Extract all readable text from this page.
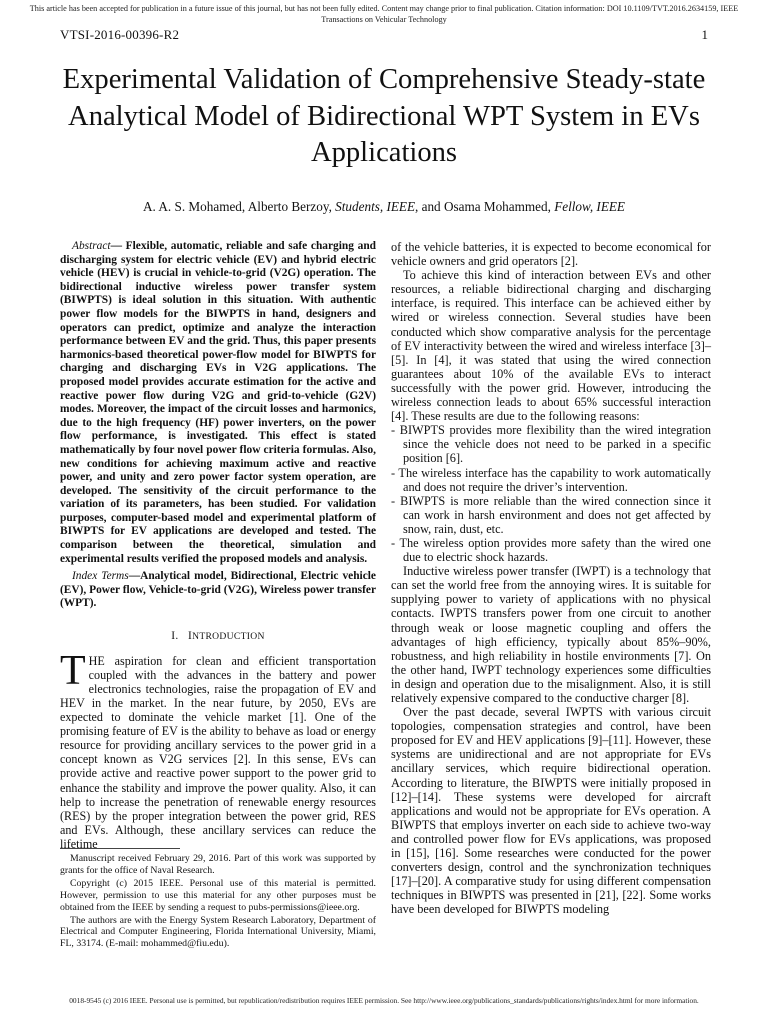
This article has been accepted for publication in a future issue of this journal, but has not been fully edited. Content may change prior to final publication. Citation information: DOI 10.1109/TVT.2016.2634159, IEEE Transactions on Vehicular Technology
VTSI-2016-00396-R2	1
Experimental Validation of Comprehensive Steady-state Analytical Model of Bidirectional WPT System in EVs Applications
A. A. S. Mohamed, Alberto Berzoy, Students, IEEE, and Osama Mohammed, Fellow, IEEE

Abstract— Flexible, automatic, reliable and safe charging and discharging system for electric vehicle (EV) and hybrid electric vehicle (HEV) is crucial in vehicle-to-grid (V2G) operation. The bidirectional inductive wireless power transfer system (BIWPTS) is ideal solution in this situation. With authentic power flow models for the BIWPTS in hand, designers and operators can predict, optimize and analyze the interaction performance between EV and the grid. Thus, this paper presents harmonics-based theoretical power-flow model for BIWPTS for charging and discharging EVs in V2G applications. The proposed model provides accurate estimation for the active and reactive power flow during V2G and grid-to-vehicle (G2V) modes. Moreover, the impact of the circuit losses and harmonics, due to the high frequency (HF) power inverters, on the power flow performance, is investigated. This effect is stated mathematically by four novel power flow criteria formulas. Also, new conditions for achieving maximum active and reactive power, and unity and zero power factor system operation, are developed. The sensitivity of the circuit performance to the variation of its parameters, has been studied. For validation purposes, computer-based model and experimental platform of BIWPTS for EV applications are developed and tested. The comparison between the theoretical, simulation and experimental results verified the proposed models and analysis.

Index Terms—Analytical model, Bidirectional, Electric vehicle (EV), Power flow, Vehicle-to-grid (V2G), Wireless power transfer (WPT).

I. INTRODUCTION

THE aspiration for clean and efficient transportation coupled with the advances in the battery and power electronics technologies, raise the propagation of EV and HEV in the market. In the near future, by 2050, EVs are expected to dominate the vehicle market [1]. One of the promising feature of EV is the ability to behave as load or energy resource for providing ancillary services to the power grid in a concept known as V2G services [2]. In this sense, EVs can provide active and reactive power support to the power grid to enhance the stability and improve the power quality. Also, it can help to increase the penetration of renewable energy resources (RES) by the proper integration between the power grid, RES and EVs. Although, these ancillary services can reduce the lifetime

Manuscript received February 29, 2016. Part of this work was supported by grants for the office of Naval Research.

Copyright (c) 2015 IEEE. Personal use of this material is permitted. However, permission to use this material for any other purposes must be obtained from the IEEE by sending a request to pubs-permissions@ieee.org.

The authors are with the Energy System Research Laboratory, Department of Electrical and Computer Engineering, Florida International University, Miami, FL, 33174. (E-mail: mohammed@fiu.edu).

of the vehicle batteries, it is expected to become economical for vehicle owners and grid operators [2].

To achieve this kind of interaction between EVs and other resources, a reliable bidirectional charging and discharging interface, is required. This interface can be achieved either by wired or wireless connection. Several studies have been conducted which show comparative analysis for the percentage of EV interactivity between the wired and wireless interface [3]–[5]. In [4], it was stated that using the wired connection guarantees about 10% of the available EVs to interact successfully with the power grid. However, introducing the wireless connection leads to about 65% successful interaction [4]. These results are due to the following reasons:

- BIWPTS provides more flexibility than the wired integration since the vehicle does not need to be parked in a specific position [6].
- The wireless interface has the capability to work automatically and does not require the driver’s intervention.
- BIWPTS is more reliable than the wired connection since it can work in harsh environment and does not get affected by snow, rain, dust, etc.
- The wireless option provides more safety than the wired one due to electric shock hazards.

Inductive wireless power transfer (IWPT) is a technology that can set the world free from the annoying wires. It is suitable for supplying power to variety of applications with no physical contacts. IWPTS transfers power from one circuit to another through weak or loose magnetic coupling and offers the advantages of high efficiency, typically about 85%–90%, robustness, and high reliability in hostile environments [7]. On the other hand, IWPT technology experiences some difficulties in design and operation due to the misalignment. Also, it is still relatively expensive compared to the conductive charger [8].

Over the past decade, several IWPTS with various circuit topologies, compensation strategies and control, have been proposed for EV and HEV applications [9]–[11]. However, these systems are unidirectional and are not appropriate for EVs ancillary services, which require bidirectional operation. According to literature, the BIWPTS were initially proposed in [12]–[14]. These systems were developed for aircraft applications and would not be appropriate for EVs operation. A BIWPTS that employs inverter on each side to achieve two-way and controlled power flow for EVs applications, was proposed in [15], [16]. Some researches were conducted for the power converters design, control and the synchronization techniques [17]–[20]. A comparative study for using different compensation techniques in BIWPTS was presented in [21], [22]. Some works have been developed for BIWPTS modeling

0018-9545 (c) 2016 IEEE. Personal use is permitted, but republication/redistribution requires IEEE permission. See http://www.ieee.org/publications_standards/publications/rights/index.html for more information.
